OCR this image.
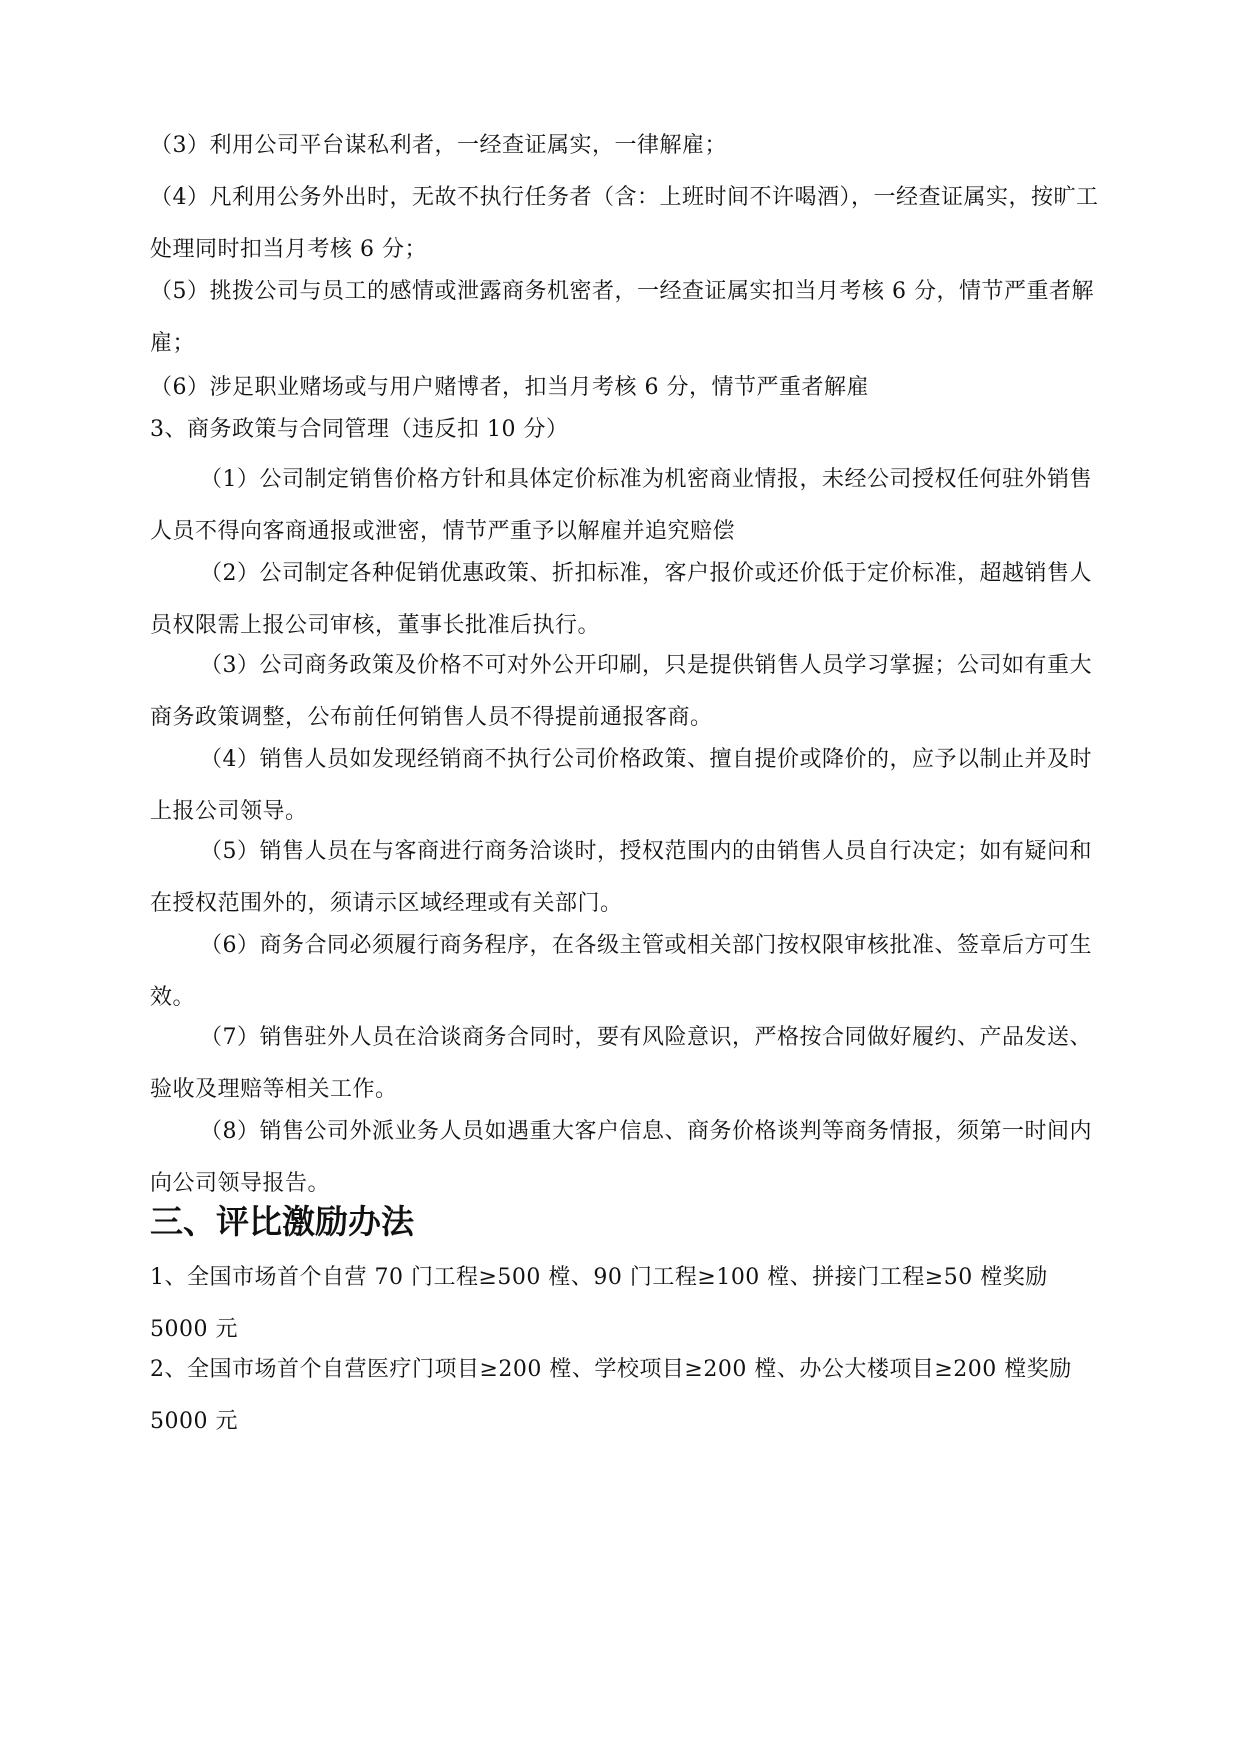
（3）利用公司平台谋私利者，一经查证属实，一律解雇；

（4）凡利用公务外出时，无故不执行任务者（含：上班时间不许喝酒），一经查证属实，按旷工处理同时扣当月考核 6 分；

（5）挑拨公司与员工的感情或泄露商务机密者，一经查证属实扣当月考核 6 分，情节严重者解雇；

（6）涉足职业赌场或与用户赌博者，扣当月考核 6 分，情节严重者解雇

3、商务政策与合同管理（违反扣 10 分）

（1）公司制定销售价格方针和具体定价标准为机密商业情报，未经公司授权任何驻外销售人员不得向客商通报或泄密，情节严重予以解雇并追究赔偿

（2）公司制定各种促销优惠政策、折扣标准，客户报价或还价低于定价标准，超越销售人员权限需上报公司审核，董事长批准后执行。

（3）公司商务政策及价格不可对外公开印刷，只是提供销售人员学习掌握；公司如有重大商务政策调整，公布前任何销售人员不得提前通报客商。

（4）销售人员如发现经销商不执行公司价格政策、擅自提价或降价的，应予以制止并及时上报公司领导。

（5）销售人员在与客商进行商务洽谈时，授权范围内的由销售人员自行决定；如有疑问和在授权范围外的，须请示区域经理或有关部门。

（6）商务合同必须履行商务程序，在各级主管或相关部门按权限审核批准、签章后方可生效。

（7）销售驻外人员在洽谈商务合同时，要有风险意识，严格按合同做好履约、产品发送、验收及理赔等相关工作。

（8）销售公司外派业务人员如遇重大客户信息、商务价格谈判等商务情报，须第一时间内向公司领导报告。

三、评比激励办法

1、全国市场首个自营 70 门工程≥500 樘、90 门工程≥100 樘、拼接门工程≥50 樘奖励 5000 元

2、全国市场首个自营医疗门项目≥200 樘、学校项目≥200 樘、办公大楼项目≥200 樘奖励 5000 元
